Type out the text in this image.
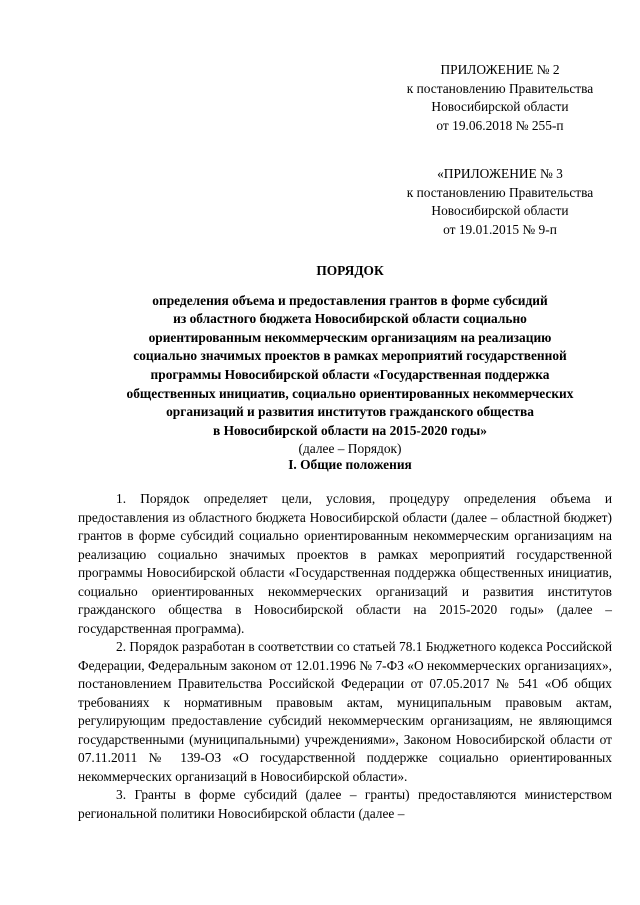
ПРИЛОЖЕНИЕ № 2
к постановлению Правительства
Новосибирской области
от 19.06.2018 № 255-п
«ПРИЛОЖЕНИЕ № 3
к постановлению Правительства
Новосибирской области
от 19.01.2015 № 9-п
ПОРЯДОК
определения объема и предоставления грантов в форме субсидий
из областного бюджета Новосибирской области социально
ориентированным некоммерческим организациям на реализацию
социально значимых проектов в рамках мероприятий государственной
программы Новосибирской области «Государственная поддержка
общественных инициатив, социально ориентированных некоммерческих
организаций и развития институтов гражданского общества
в Новосибирской области на 2015-2020 годы»
(далее – Порядок)
I. Общие положения

1. Порядок определяет цели, условия, процедуру определения объема и предоставления из областного бюджета Новосибирской области (далее – областной бюджет) грантов в форме субсидий социально ориентированным некоммерческим организациям на реализацию социально значимых проектов в рамках мероприятий государственной программы Новосибирской области «Государственная поддержка общественных инициатив, социально ориентированных некоммерческих организаций и развития институтов гражданского общества в Новосибирской области на 2015-2020 годы» (далее – государственная программа).

2. Порядок разработан в соответствии со статьей 78.1 Бюджетного кодекса Российской Федерации, Федеральным законом от 12.01.1996 № 7-ФЗ «О некоммерческих организациях», постановлением Правительства Российской Федерации от 07.05.2017 № 541 «Об общих требованиях к нормативным правовым актам, муниципальным правовым актам, регулирующим предоставление субсидий некоммерческим организациям, не являющимся государственными (муниципальными) учреждениями», Законом Новосибирской области от 07.11.2011 № 139-ОЗ «О государственной поддержке социально ориентированных некоммерческих организаций в Новосибирской области».

3. Гранты в форме субсидий (далее – гранты) предоставляются министерством региональной политики Новосибирской области (далее –
